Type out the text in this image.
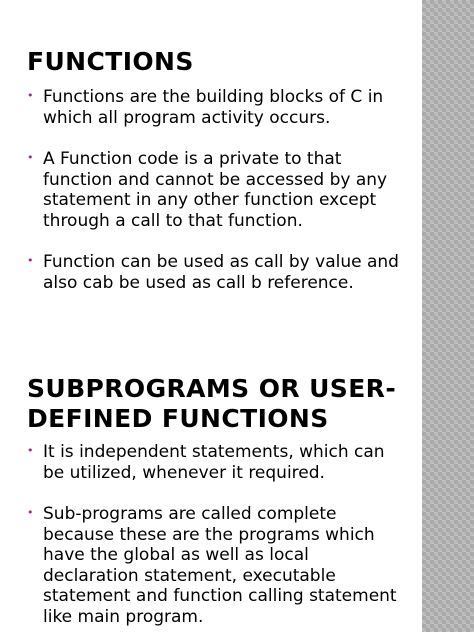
FUNCTIONS
• Functions are the building blocks of C in which all program activity occurs.
• A Function code is a private to that function and cannot be accessed by any statement in any other function except through a call to that function.
• Function can be used as call by value and also cab be used as call b reference.
SUBPROGRAMS OR USER-DEFINED FUNCTIONS
• It is independent statements, which can be utilized, whenever it required.
• Sub-programs are called complete because these are the programs which have the global as well as local declaration statement, executable statement and function calling statement like main program.
